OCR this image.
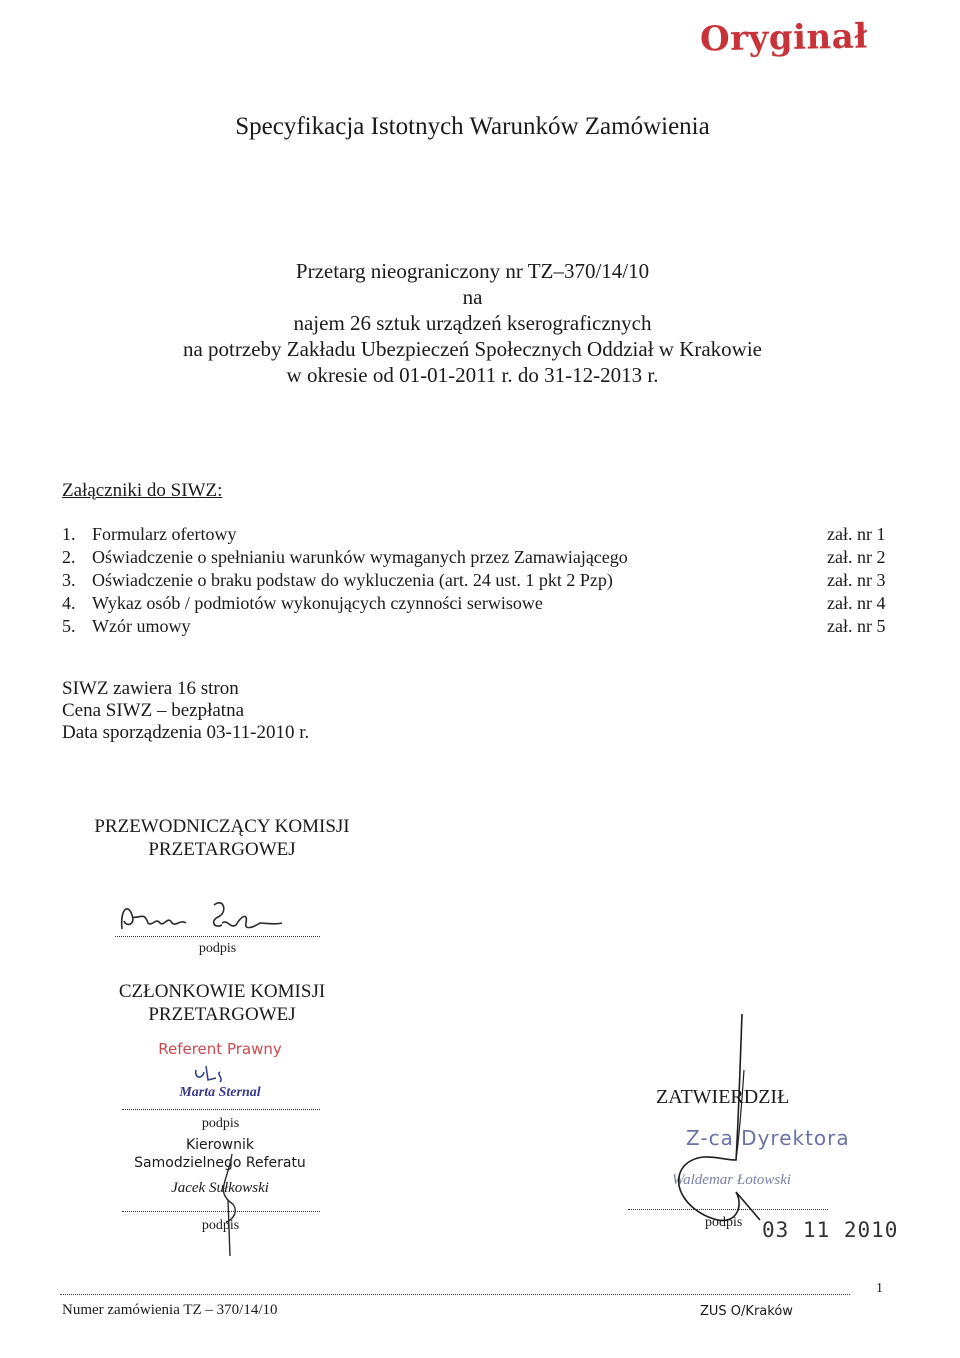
Oryginał
Specyfikacja Istotnych Warunków Zamówienia
Przetarg nieograniczony nr TZ–370/14/10
na
najem 26 sztuk urządzeń kserograficznych
na potrzeby Zakładu Ubezpieczeń Społecznych Oddział w Krakowie
w okresie od 01-01-2011 r. do 31-12-2013 r.
Załączniki do SIWZ:
1. Formularz ofertowy	zał. nr 1
2. Oświadczenie o spełnianiu warunków wymaganych przez Zamawiającego	zał. nr 2
3. Oświadczenie o braku podstaw do wykluczenia (art. 24 ust. 1 pkt 2 Pzp)	zał. nr 3
4. Wykaz osób / podmiotów wykonujących czynności serwisowe	zał. nr 4
5. Wzór umowy	zał. nr 5
SIWZ zawiera 16 stron
Cena SIWZ – bezpłatna
Data sporządzenia 03-11-2010 r.
PRZEWODNICZĄCY KOMISJI
PRZETARGOWEJ
podpis
CZŁONKOWIE KOMISJI
PRZETARGOWEJ
Referent Prawny
Marta Sternal
podpis
Kierownik
Samodzielnego Referatu
Jacek Sułkowski
podpis
ZATWIERDZIŁ
Z-ca Dyrektora
Waldemar Łotowski
podpis 03 11 2010
1
Numer zamówienia TZ – 370/14/10	ZUS O/Kraków
